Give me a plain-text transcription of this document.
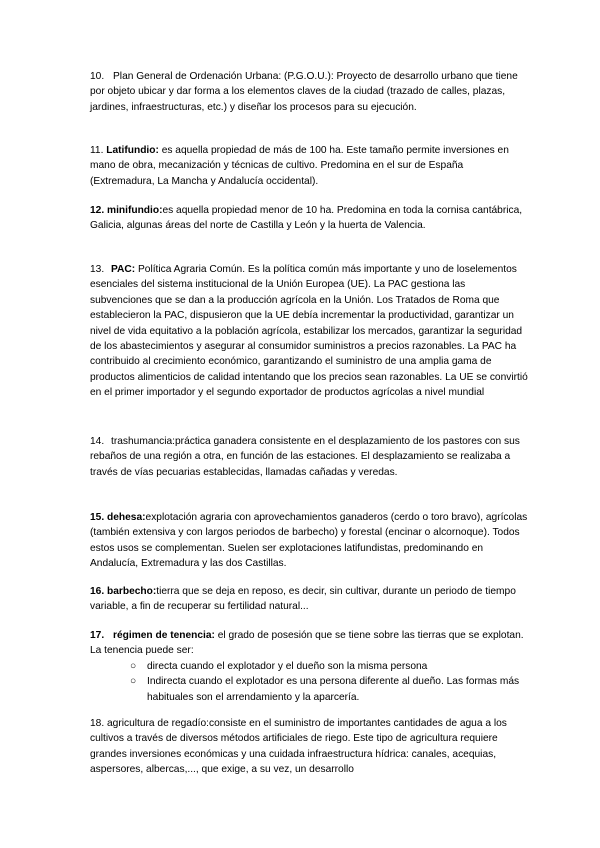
10. Plan General de Ordenación Urbana: (P.G.O.U.): Proyecto de desarrollo urbano que tiene por objeto ubicar y dar forma a los elementos claves de la ciudad (trazado de calles, plazas, jardines, infraestructuras, etc.) y diseñar los procesos para su ejecución.

11. Latifundio: es aquella propiedad de más de 100 ha. Este tamaño permite inversiones en mano de obra, mecanización y técnicas de cultivo. Predomina en el sur de España (Extremadura, La Mancha y Andalucía occidental).

12. minifundio:es aquella propiedad menor de 10 ha. Predomina en toda la cornisa cantábrica, Galicia, algunas áreas del norte de Castilla y León y la huerta de Valencia.

13. PAC: Política Agraria Común. Es la política común más importante y uno de loselementos esenciales del sistema institucional de la Unión Europea (UE). La PAC gestiona las subvenciones que se dan a la producción agrícola en la Unión. Los Tratados de Roma que establecieron la PAC, dispusieron que la UE debía incrementar la productividad, garantizar un nivel de vida equitativo a la población agrícola, estabilizar los mercados, garantizar la seguridad de los abastecimientos y asegurar al consumidor suministros a precios razonables. La PAC ha contribuido al crecimiento económico, garantizando el suministro de una amplia gama de productos alimenticios de calidad intentando que los precios sean razonables. La UE se convirtió en el primer importador y el segundo exportador de productos agrícolas a nivel mundial

14. trashumancia:práctica ganadera consistente en el desplazamiento de los pastores con sus rebaños de una región a otra, en función de las estaciones. El desplazamiento se realizaba a través de vías pecuarias establecidas, llamadas cañadas y veredas.

15. dehesa:explotación agraria con aprovechamientos ganaderos (cerdo o toro bravo), agrícolas (también extensiva y con largos periodos de barbecho) y forestal (encinar o alcornoque). Todos estos usos se complementan. Suelen ser explotaciones latifundistas, predominando en Andalucía, Extremadura y las dos Castillas.

16. barbecho:tierra que se deja en reposo, es decir, sin cultivar, durante un periodo de tiempo variable, a fin de recuperar su fertilidad natural...

17. régimen de tenencia: el grado de posesión que se tiene sobre las tierras que se explotan. La tenencia puede ser:
○ directa cuando el explotador y el dueño son la misma persona
○ Indirecta cuando el explotador es una persona diferente al dueño. Las formas más habituales son el arrendamiento y la aparcería.

18. agricultura de regadío:consiste en el suministro de importantes cantidades de agua a los cultivos a través de diversos métodos artificiales de riego. Este tipo de agricultura requiere grandes inversiones económicas y una cuidada infraestructura hídrica: canales, acequias, aspersores, albercas,..., que exige, a su vez, un desarrollo
